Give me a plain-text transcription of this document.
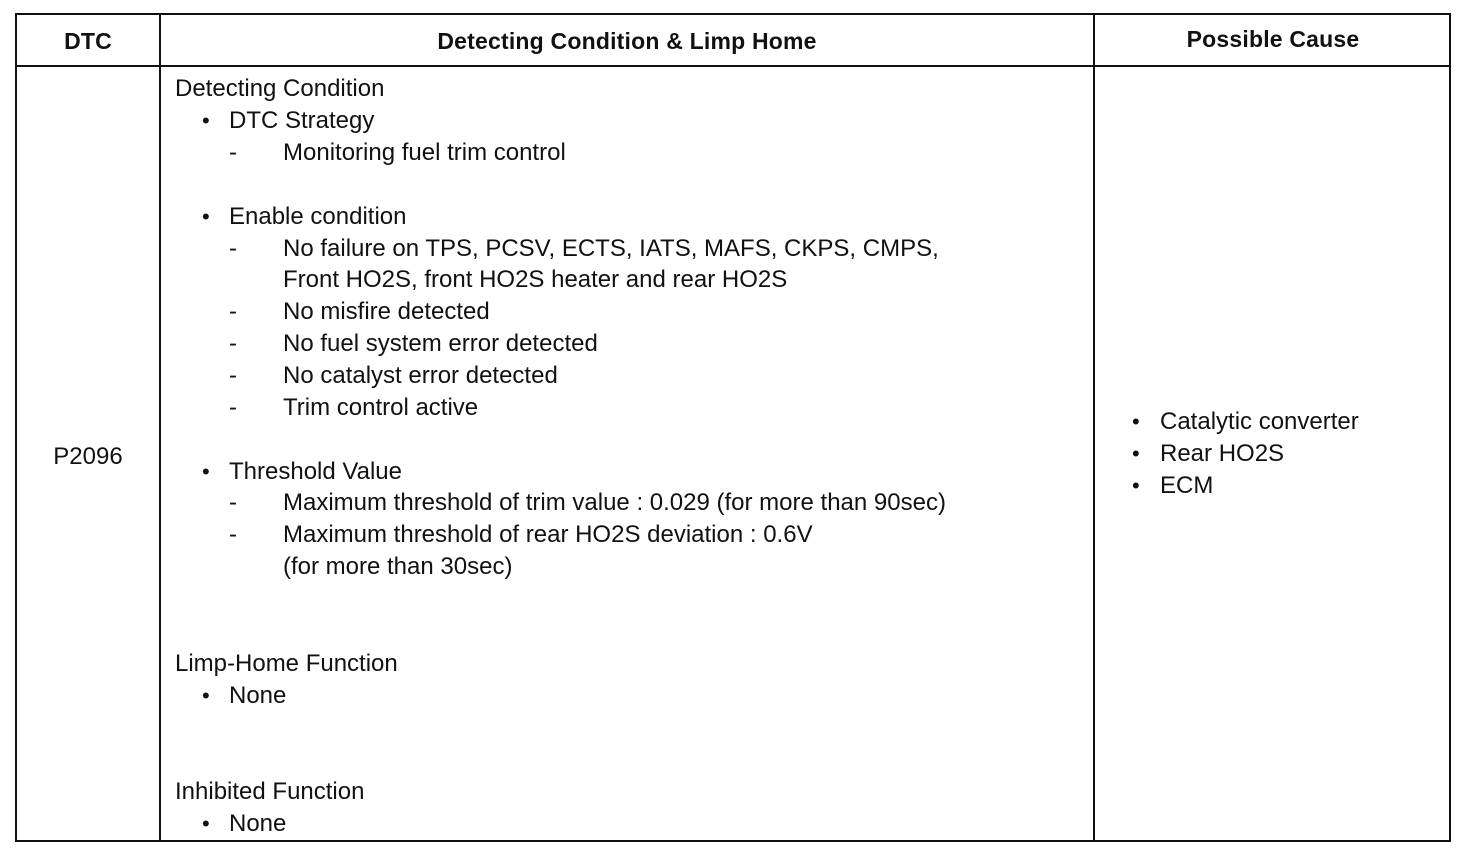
DTC	Detecting Condition & Limp Home	Possible Cause
P2096
Detecting Condition
• DTC Strategy
- Monitoring fuel trim control
• Enable condition
- No failure on TPS, PCSV, ECTS, IATS, MAFS, CKPS, CMPS,
Front HO2S, front HO2S heater and rear HO2S
- No misfire detected
- No fuel system error detected
- No catalyst error detected
- Trim control active
• Threshold Value
- Maximum threshold of trim value : 0.029 (for more than 90sec)
- Maximum threshold of rear HO2S deviation : 0.6V
(for more than 30sec)
Limp-Home Function
• None
Inhibited Function
• None
• Catalytic converter
• Rear HO2S
• ECM
